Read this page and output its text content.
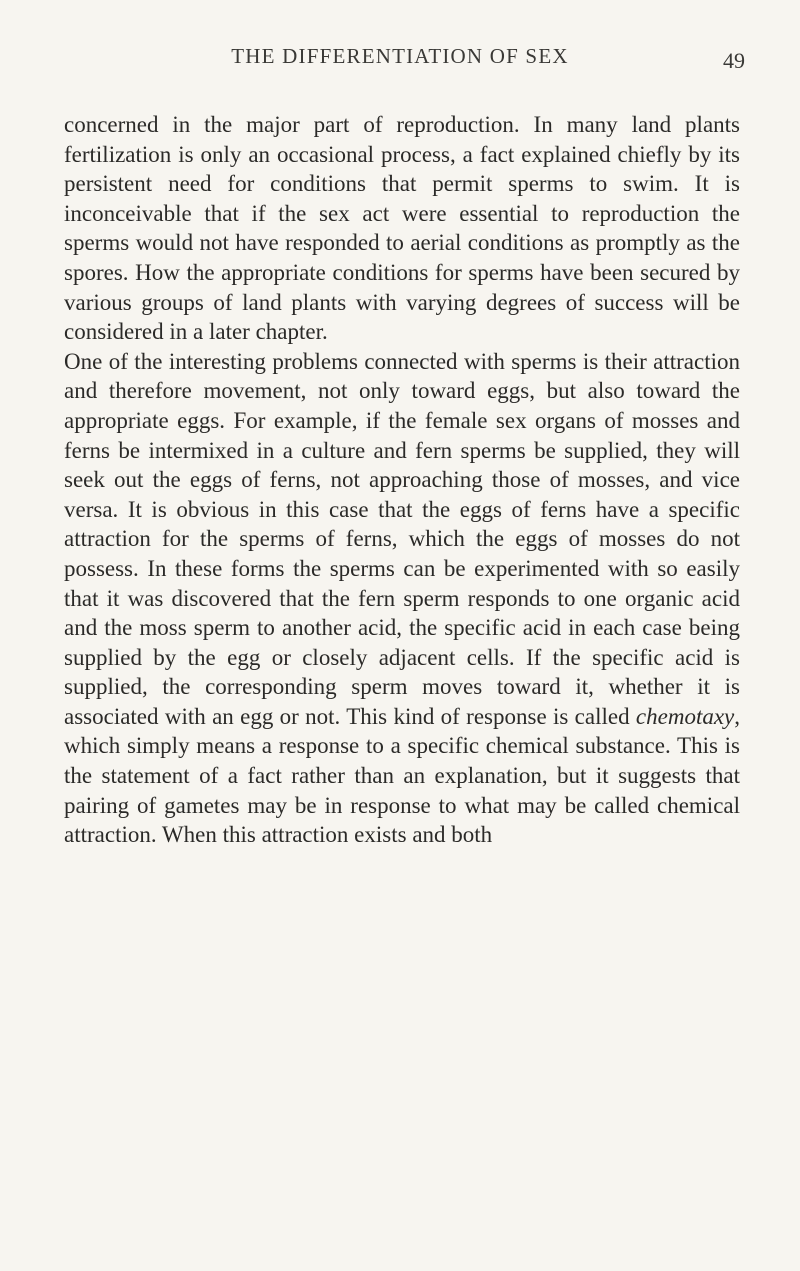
THE DIFFERENTIATION OF SEX	49

concerned in the major part of reproduction. In many land plants fertilization is only an occasional process, a fact explained chiefly by its persistent need for conditions that permit sperms to swim. It is inconceivable that if the sex act were essential to reproduction the sperms would not have responded to aerial conditions as promptly as the spores. How the appropriate conditions for sperms have been secured by various groups of land plants with varying degrees of success will be considered in a later chapter.

One of the interesting problems connected with sperms is their attraction and therefore movement, not only toward eggs, but also toward the appropriate eggs. For example, if the female sex organs of mosses and ferns be intermixed in a culture and fern sperms be supplied, they will seek out the eggs of ferns, not approaching those of mosses, and vice versa. It is obvious in this case that the eggs of ferns have a specific attraction for the sperms of ferns, which the eggs of mosses do not possess. In these forms the sperms can be experimented with so easily that it was discovered that the fern sperm responds to one organic acid and the moss sperm to another acid, the specific acid in each case being supplied by the egg or closely adjacent cells. If the specific acid is supplied, the corresponding sperm moves toward it, whether it is associated with an egg or not. This kind of response is called chemotaxy, which simply means a response to a specific chemical substance. This is the statement of a fact rather than an explanation, but it suggests that pairing of gametes may be in response to what may be called chemical attraction. When this attraction exists and both
